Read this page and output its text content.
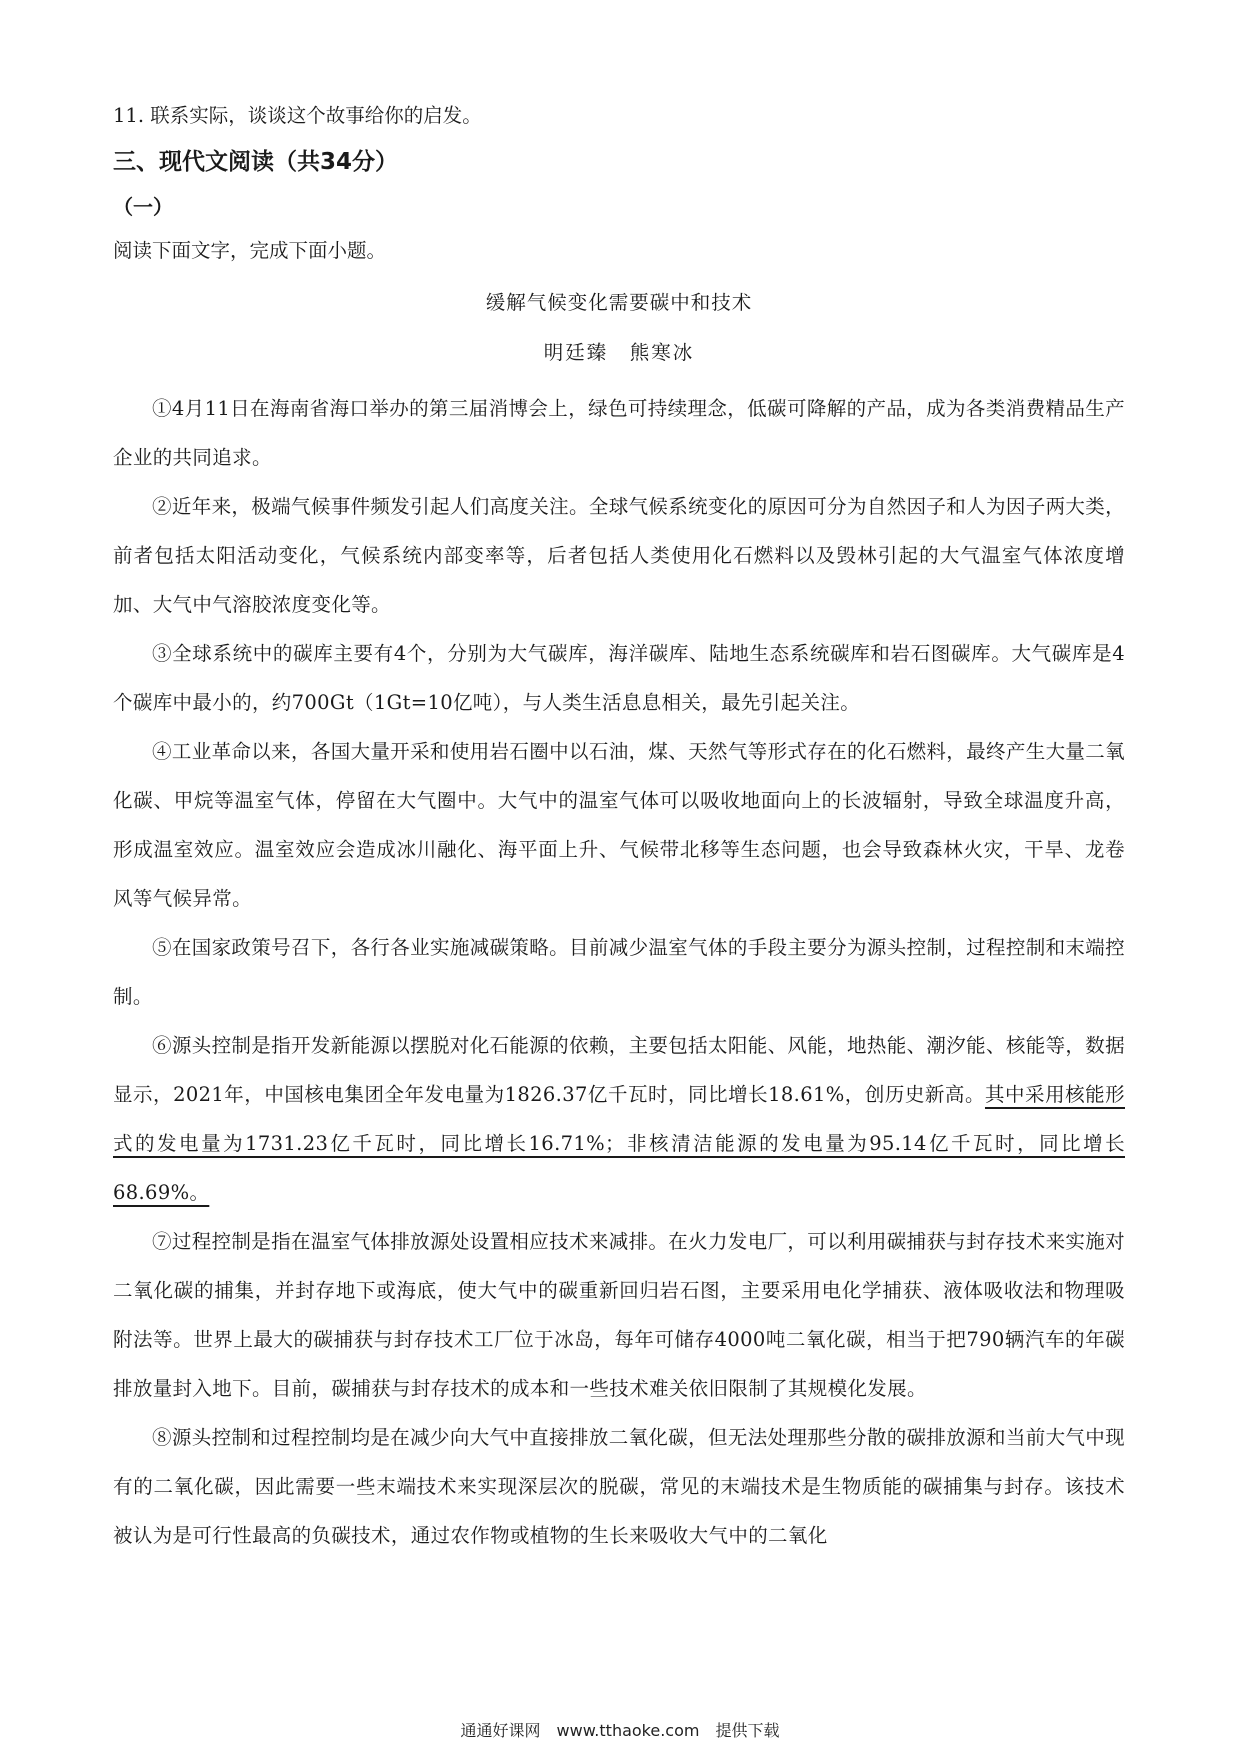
11. 联系实际，谈谈这个故事给你的启发。
三、现代文阅读（共34分）
（一）
阅读下面文字，完成下面小题。
缓解气候变化需要碳中和技术
明廷臻　熊寒冰

①4月11日在海南省海口举办的第三届消博会上，绿色可持续理念，低碳可降解的产品，成为各类消费精品生产企业的共同追求。

②近年来，极端气候事件频发引起人们高度关注。全球气候系统变化的原因可分为自然因子和人为因子两大类，前者包括太阳活动变化，气候系统内部变率等，后者包括人类使用化石燃料以及毁林引起的大气温室气体浓度增加、大气中气溶胶浓度变化等。

③全球系统中的碳库主要有4个，分别为大气碳库，海洋碳库、陆地生态系统碳库和岩石图碳库。大气碳库是4个碳库中最小的，约700Gt（1Gt=10亿吨），与人类生活息息相关，最先引起关注。

④工业革命以来，各国大量开采和使用岩石圈中以石油，煤、天然气等形式存在的化石燃料，最终产生大量二氧化碳、甲烷等温室气体，停留在大气圈中。大气中的温室气体可以吸收地面向上的长波辐射，导致全球温度升高，形成温室效应。温室效应会造成冰川融化、海平面上升、气候带北移等生态问题，也会导致森林火灾，干旱、龙卷风等气候异常。

⑤在国家政策号召下，各行各业实施减碳策略。目前减少温室气体的手段主要分为源头控制，过程控制和末端控制。

⑥源头控制是指开发新能源以摆脱对化石能源的依赖，主要包括太阳能、风能，地热能、潮汐能、核能等，数据显示，2021年，中国核电集团全年发电量为1826.37亿千瓦时，同比增长18.61%，创历史新高。其中采用核能形式的发电量为1731.23亿千瓦时，同比增长16.71%；非核清洁能源的发电量为95.14亿千瓦时，同比增长68.69%。

⑦过程控制是指在温室气体排放源处设置相应技术来减排。在火力发电厂，可以利用碳捕获与封存技术来实施对二氧化碳的捕集，并封存地下或海底，使大气中的碳重新回归岩石图，主要采用电化学捕获、液体吸收法和物理吸附法等。世界上最大的碳捕获与封存技术工厂位于冰岛，每年可储存4000吨二氧化碳，相当于把790辆汽车的年碳排放量封入地下。目前，碳捕获与封存技术的成本和一些技术难关依旧限制了其规模化发展。

⑧源头控制和过程控制均是在减少向大气中直接排放二氧化碳，但无法处理那些分散的碳排放源和当前大气中现有的二氧化碳，因此需要一些末端技术来实现深层次的脱碳，常见的末端技术是生物质能的碳捕集与封存。该技术被认为是可行性最高的负碳技术，通过农作物或植物的生长来吸收大气中的二氧化

通通好课网　www.tthaoke.com　提供下载
